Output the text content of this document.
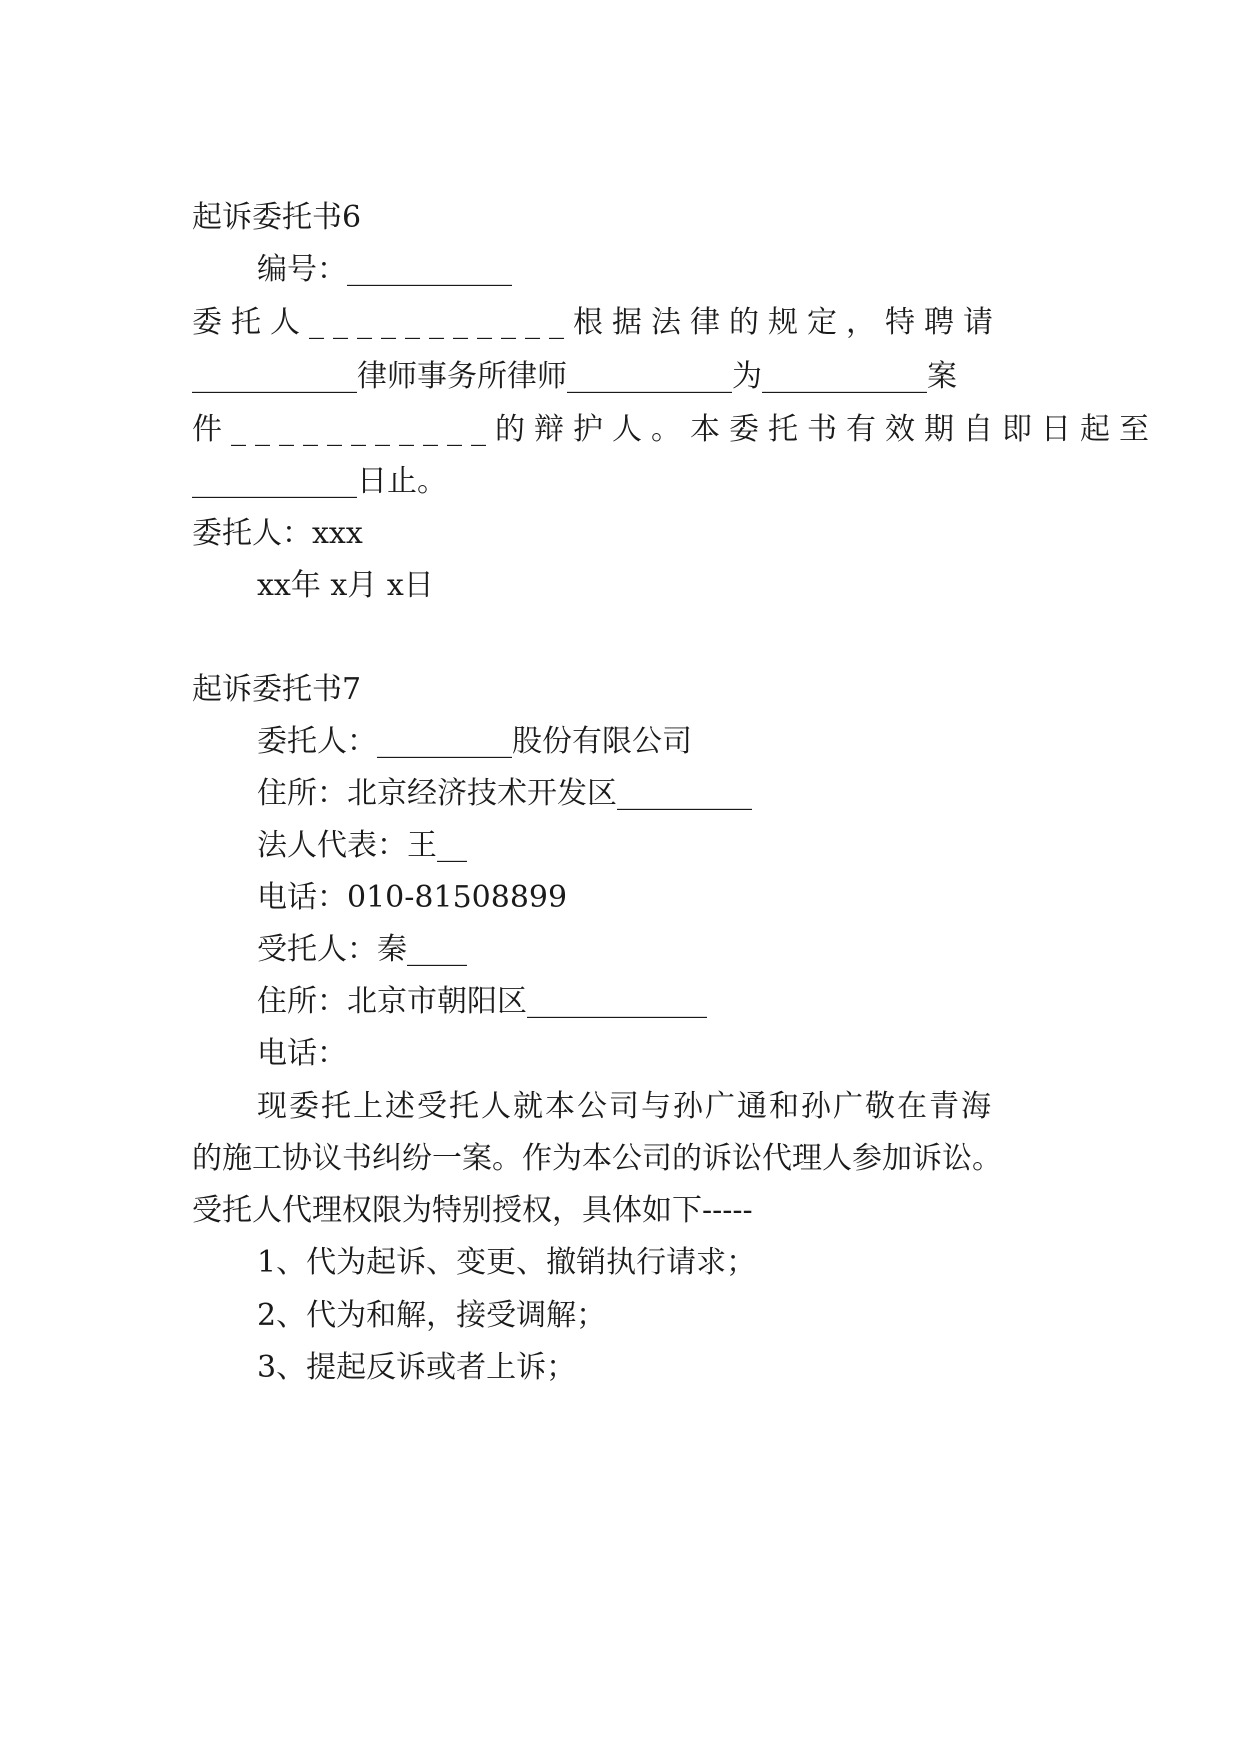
起诉委托书6
编号：___________
委托人___________根据法律的规定，特聘请
___________律师事务所律师___________为___________案
件___________的辩护人。本委托书有效期自即日起至
___________日止。
委托人：xxx
xx年 x月 x日
起诉委托书7
委托人：_________股份有限公司
住所：北京经济技术开发区_________
法人代表：王__
电话：010-81508899
受托人：秦____
住所：北京市朝阳区____________
电话：
现委托上述受托人就本公司与孙广通和孙广敬在青海
的施工协议书纠纷一案。作为本公司的诉讼代理人参加诉讼。
受托人代理权限为特别授权，具体如下-----
1、代为起诉、变更、撤销执行请求；
2、代为和解，接受调解；
3、提起反诉或者上诉；
